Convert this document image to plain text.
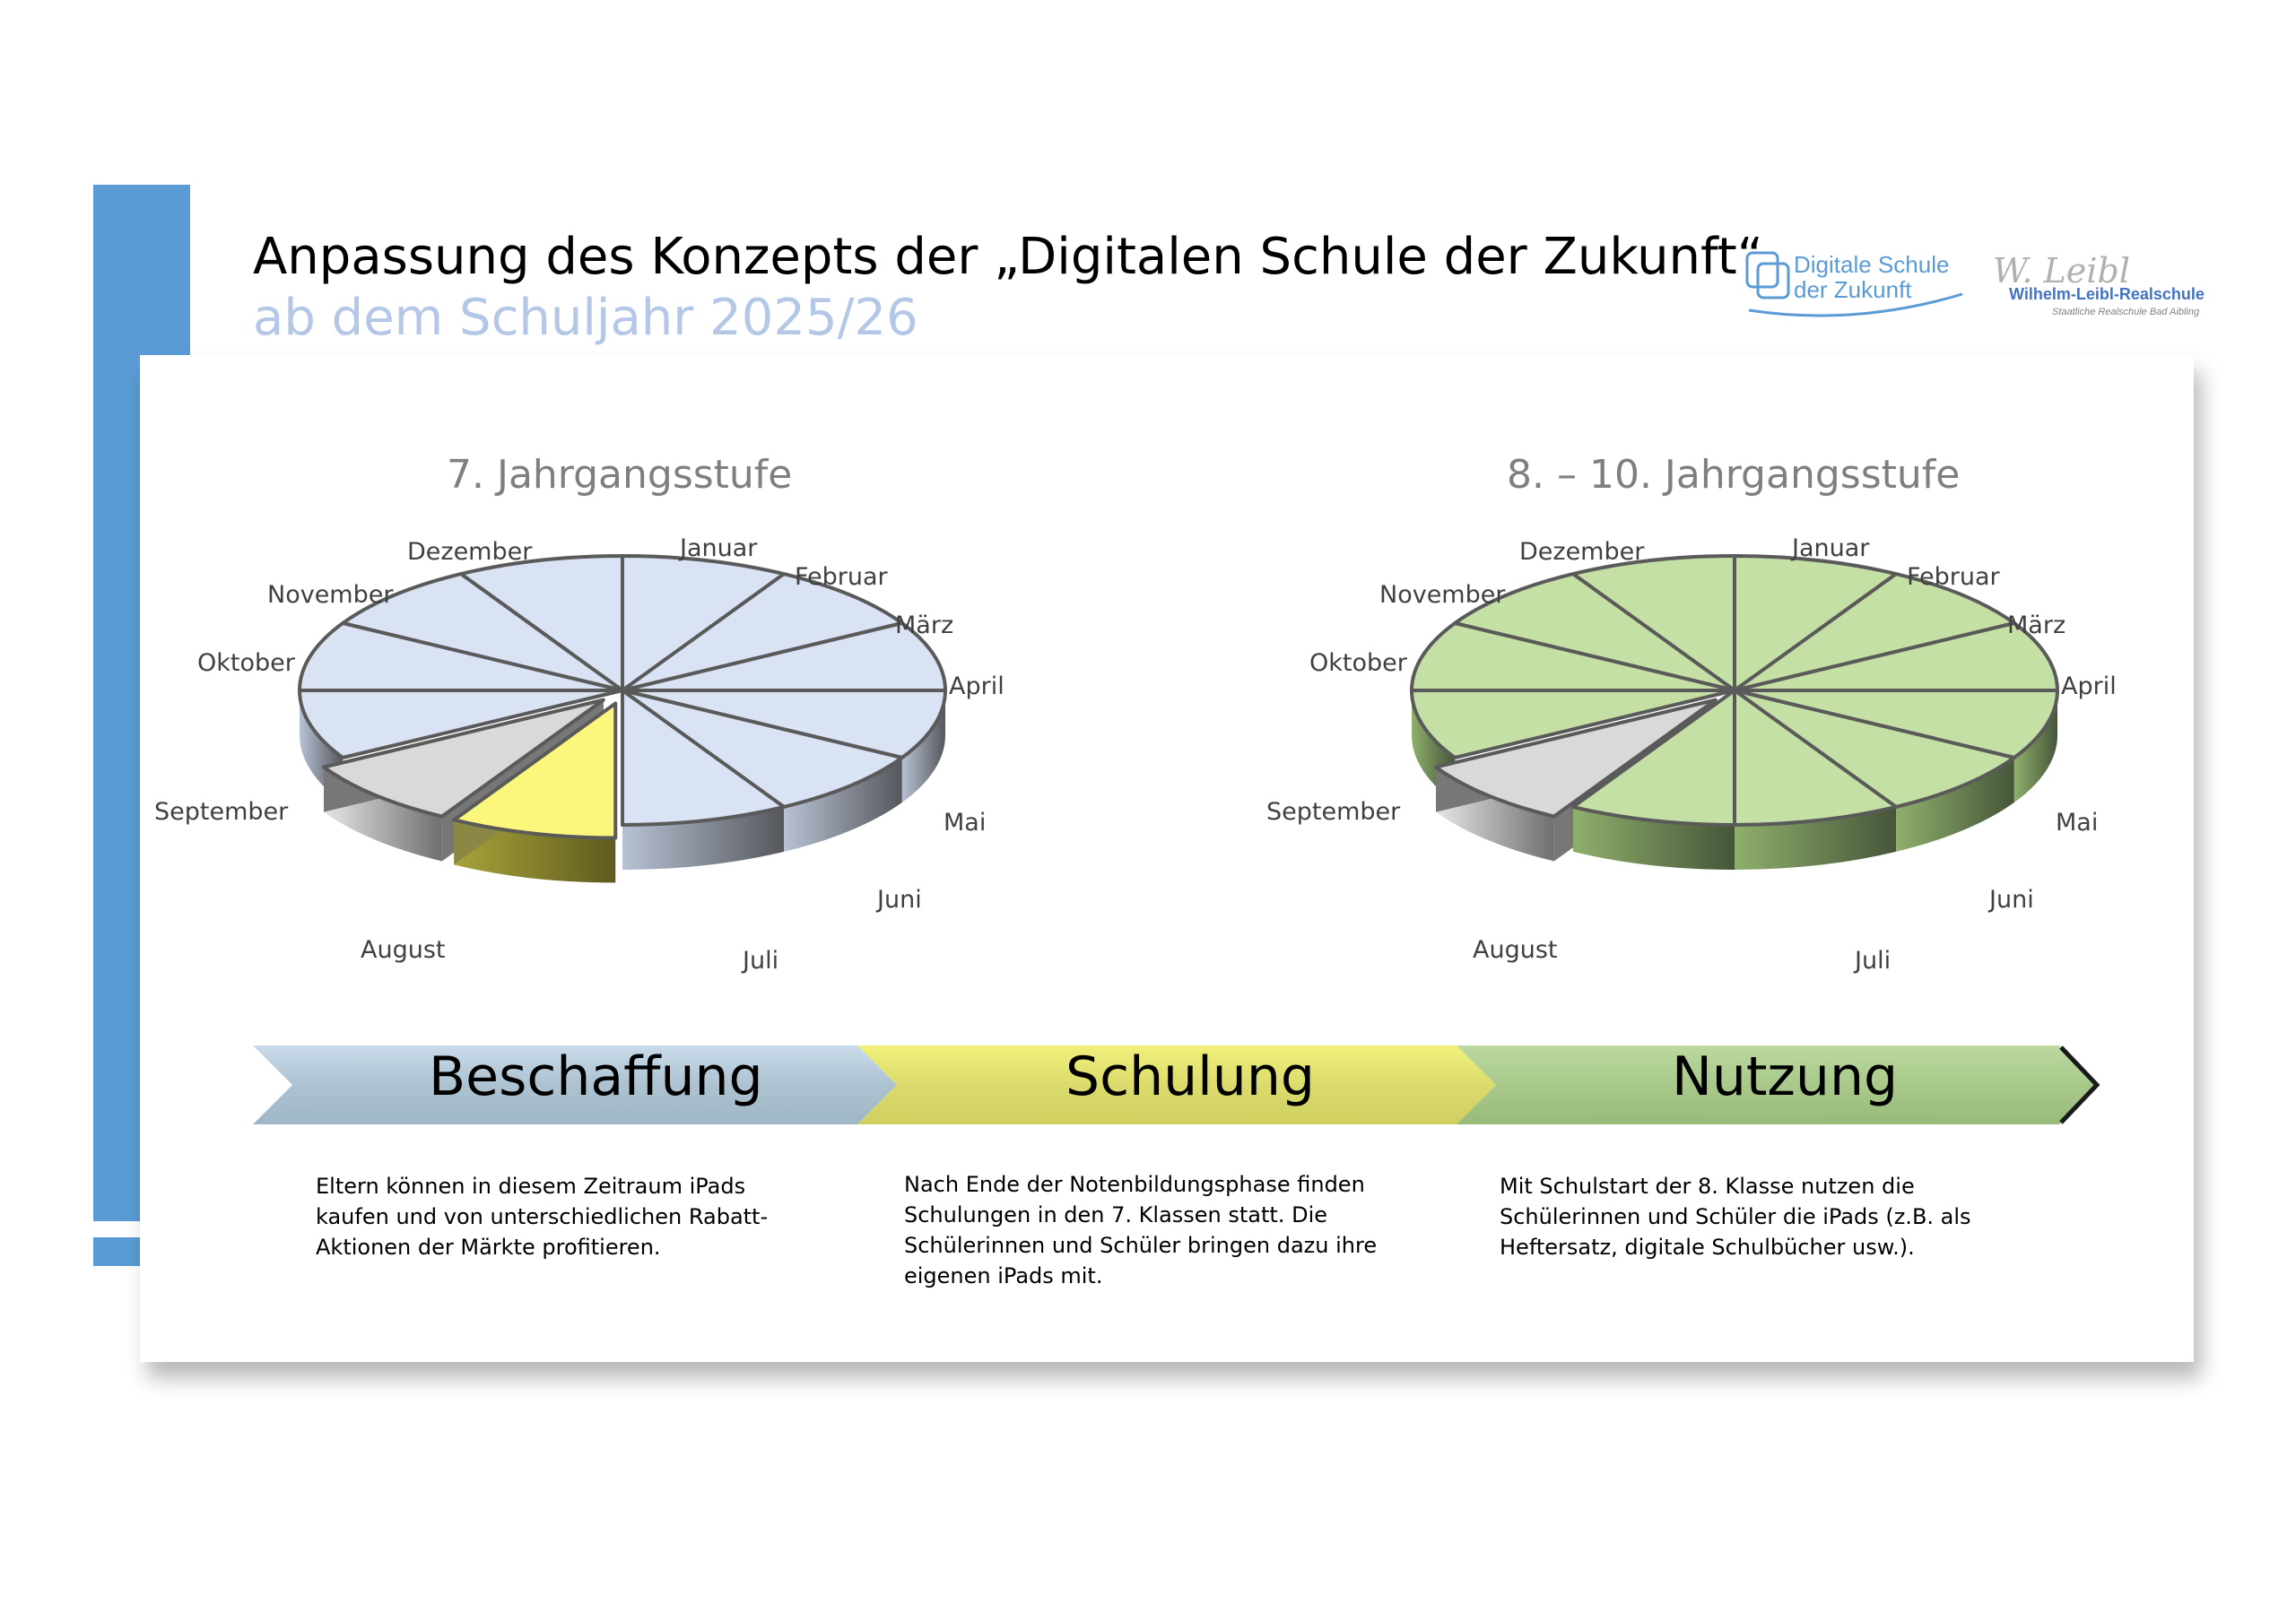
Anpassung des Konzepts der „Digitalen Schule der Zukunft“
ab dem Schuljahr 2025/26
Digitale Schule
der Zukunft W. Leibl
Wilhelm-Leibl-Realschule
Staatliche Realschule Bad Aibling
7. Jahrgangsstufe	8. – 10. Jahrgangsstufe
Januar
Februar
März
April
Mai
Juni
Juli
August
September
Oktober
November
Dezember	Januar
Februar
März
April
Mai
Juni
Juli
August
September
Oktober
November
Dezember
Beschaffung	Schulung	Nutzung
Eltern können in diesem Zeitraum iPads kaufen und von unterschiedlichen Rabatt-Aktionen der Märkte profitieren.
Nach Ende der Notenbildungsphase finden Schulungen in den 7. Klassen statt. Die Schülerinnen und Schüler bringen dazu ihre eigenen iPads mit.
Mit Schulstart der 8. Klasse nutzen die Schülerinnen und Schüler die iPads (z.B. als Heftersatz, digitale Schulbücher usw.).
